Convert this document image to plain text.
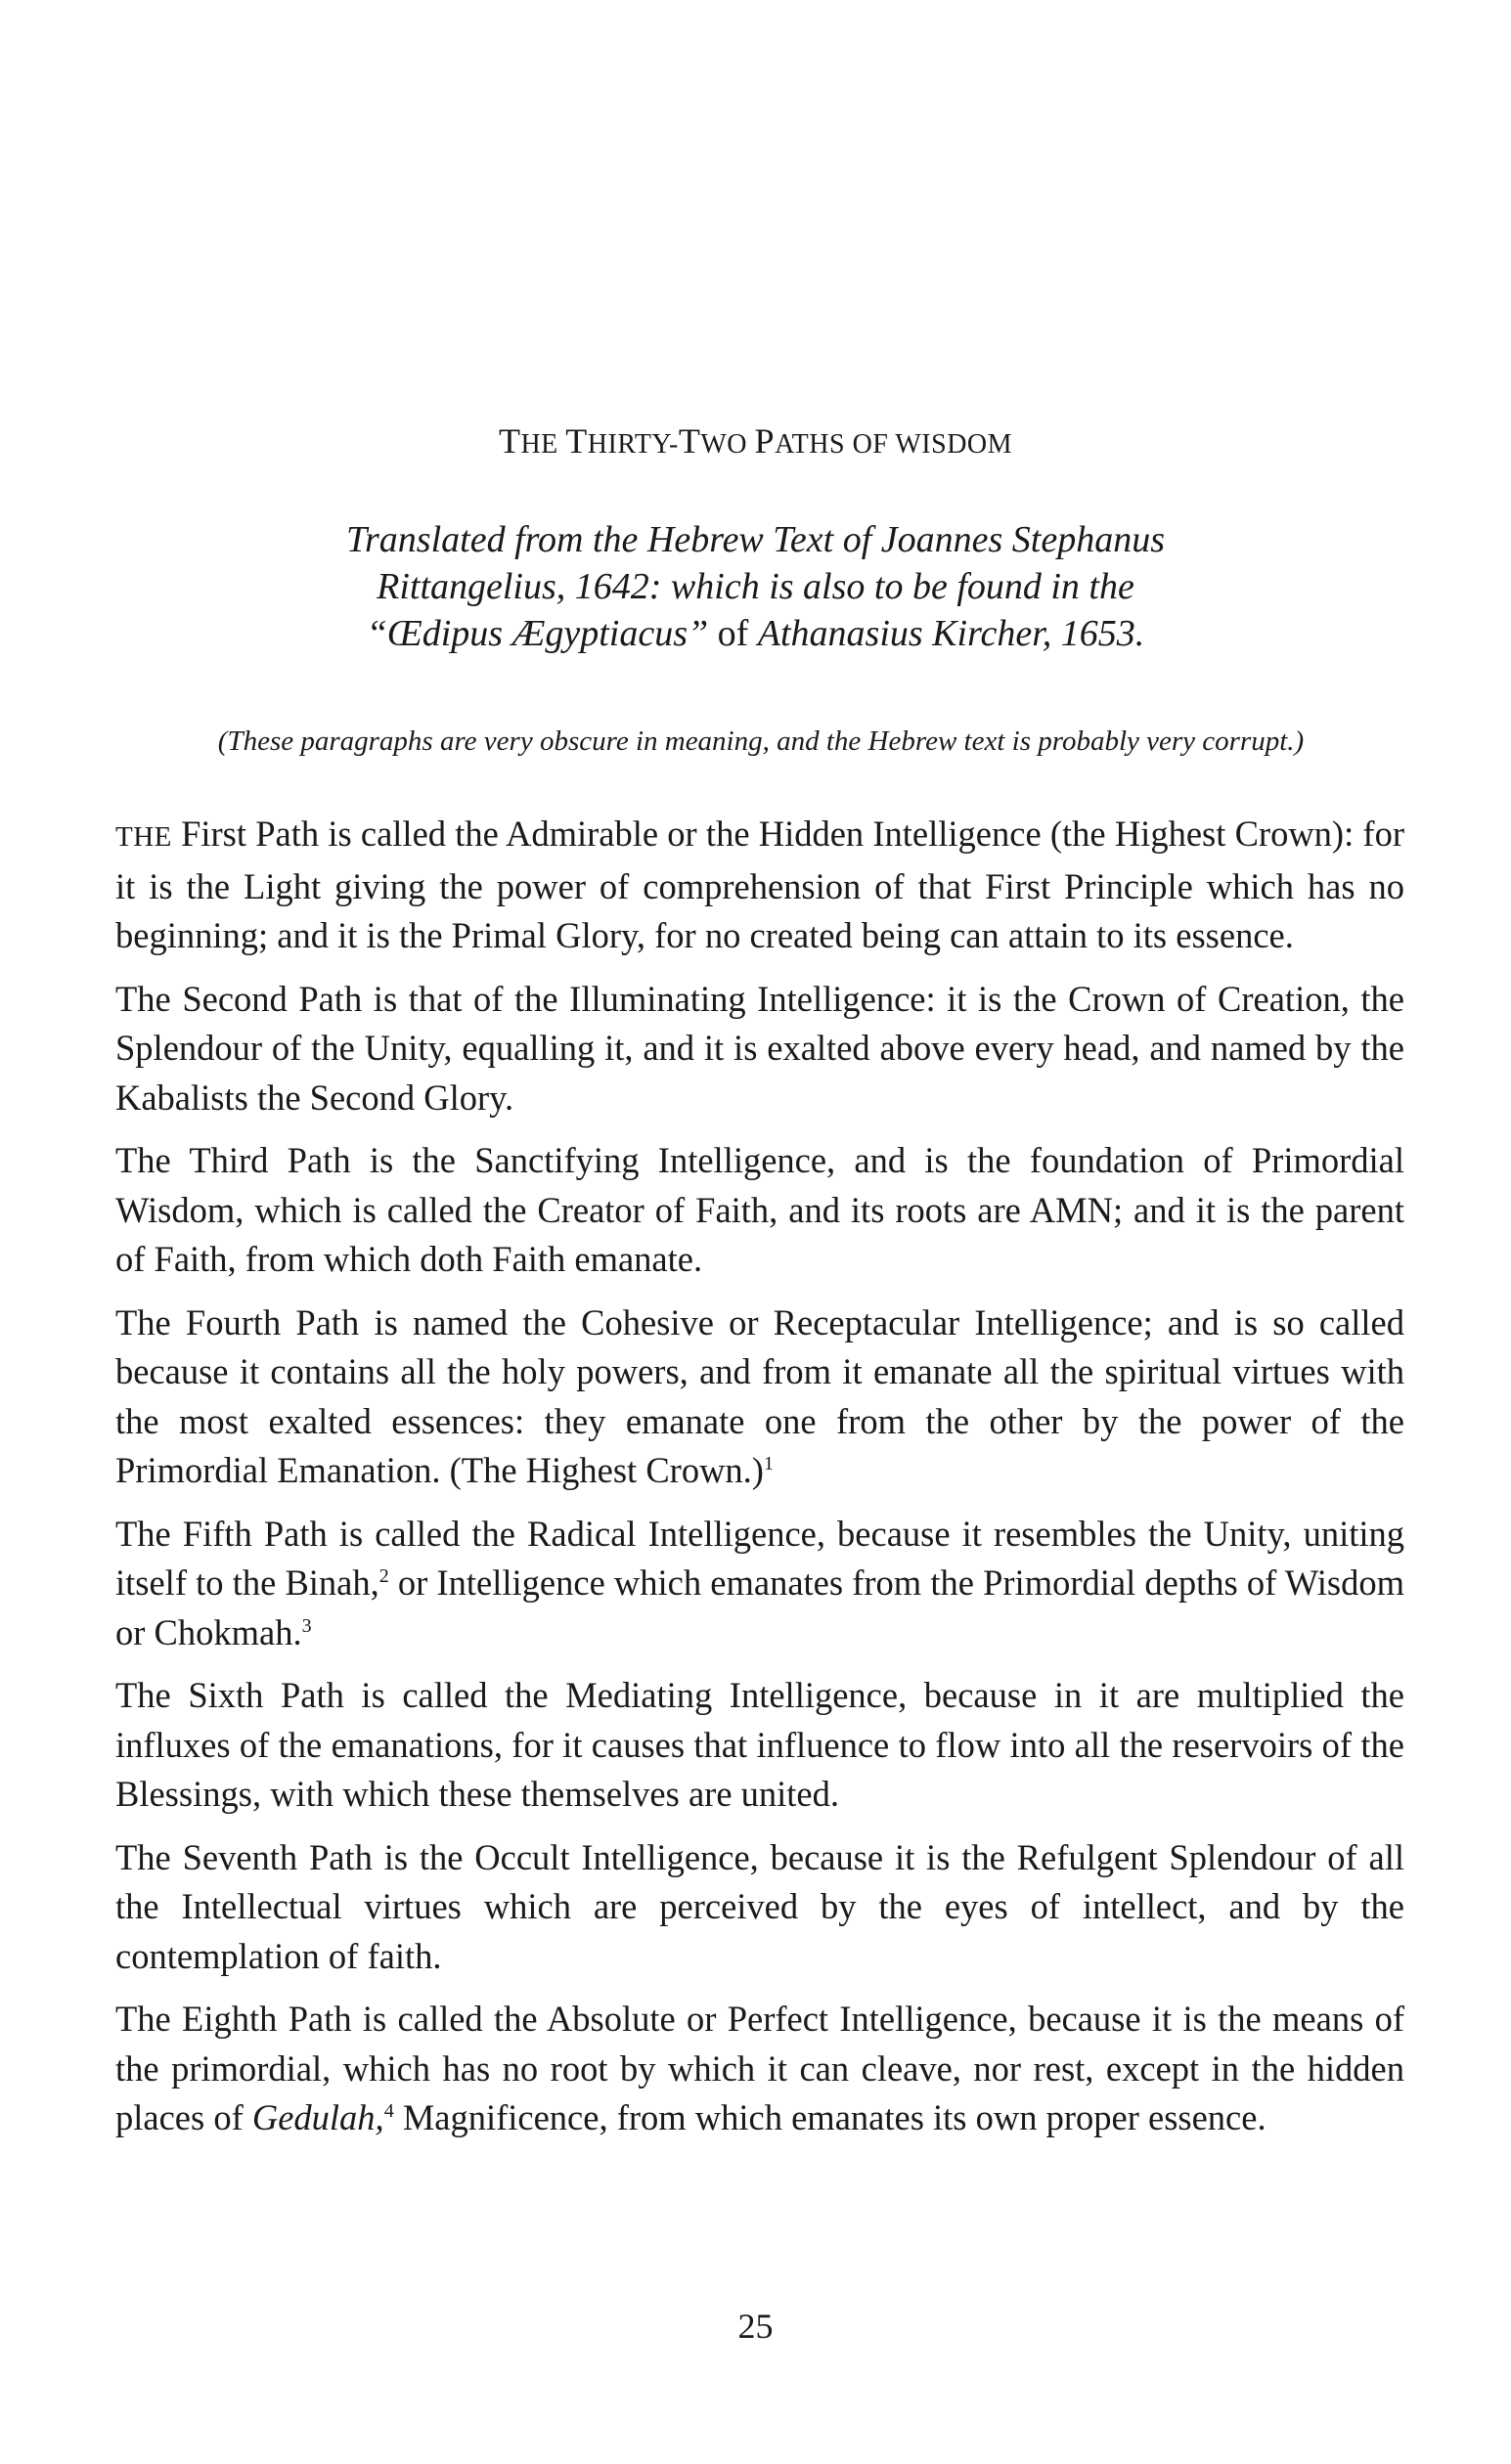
THE THIRTY-TWO PATHS OF WISDOM
Translated from the Hebrew Text of Joannes Stephanus
Rittangelius, 1642: which is also to be found in the
“Œdipus Ægyptiacus” of Athanasius Kircher, 1653.
(These paragraphs are very obscure in meaning, and the Hebrew text is probably very corrupt.)

THE First Path is called the Admirable or the Hidden Intelligence (the Highest Crown): for it is the Light giving the power of comprehension of that First Principle which has no beginning; and it is the Primal Glory, for no created being can attain to its essence.

The Second Path is that of the Illuminating Intelligence: it is the Crown of Creation, the Splendour of the Unity, equalling it, and it is exalted above every head, and named by the Kabalists the Second Glory.

The Third Path is the Sanctifying Intelligence, and is the foundation of Primordial Wisdom, which is called the Creator of Faith, and its roots are AMN; and it is the parent of Faith, from which doth Faith emanate.

The Fourth Path is named the Cohesive or Receptacular Intelligence; and is so called because it contains all the holy powers, and from it emanate all the spiritual virtues with the most exalted essences: they emanate one from the other by the power of the Primordial Emanation. (The Highest Crown.)$^1$

The Fifth Path is called the Radical Intelligence, because it resembles the Unity, uniting itself to the Binah,$^2$ or Intelligence which emanates from the Primordial depths of Wisdom or Chokmah.$^3$

The Sixth Path is called the Mediating Intelligence, because in it are multiplied the influxes of the emanations, for it causes that influence to flow into all the reservoirs of the Blessings, with which these themselves are united.

The Seventh Path is the Occult Intelligence, because it is the Refulgent Splendour of all the Intellectual virtues which are perceived by the eyes of intellect, and by the contemplation of faith.

The Eighth Path is called the Absolute or Perfect Intelligence, because it is the means of the primordial, which has no root by which it can cleave, nor rest, except in the hidden places of Gedulah,$^4$ Magnificence, from which emanates its own proper essence.

25
